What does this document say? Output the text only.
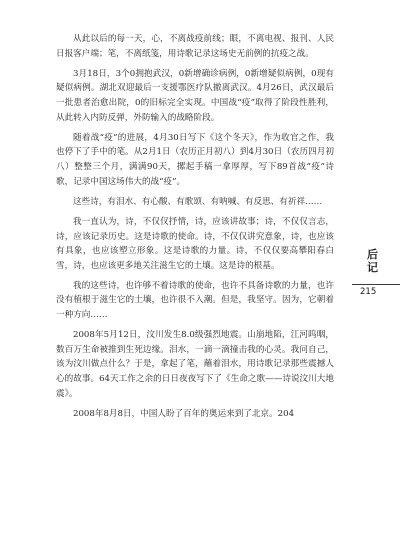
从此以后的每一天，心，不离战疫前线；眼，不离电视、报刊、人民日报客户端；笔，不离纸笺，用诗歌记录这场史无前例的抗疫之战。

3月18日，3个0拥抱武汉，0新增确诊病例，0新增疑似病例，0现有疑似病例。湖北双迎最后一支援鄂医疗队撤离武汉。4月26日，武汉最后一批患者治愈出院，0的旧标完全实现。中国战“疫”取得了阶段性胜利，从此转入内防反弹，外防输入的战略阶段。

随着战“疫”的进展，4月30日写下《这个冬天》，作为收官之作，我也停下了手中的笔。从2月1日（农历正月初八）到4月30日（农历四月初八）整整三个月，满满90天，摞起手稿一拿厚厚，写下89首战“疫”诗歌，记录中国这场伟大的战“疫”。

这些诗，有泪水、有心酸、有歌颂、有呐喊、有反思、有祈祥……

我一直认为，诗，不仅仅抒情，诗，应该讲故事；诗，不仅仅言志，诗，应该记录历史。这是诗歌的使命。诗，不仅仅讲究意象，诗，也应该有具象，也应该塑立形象。这是诗歌的力量。诗，不仅仅要高攀阳春白雪，诗，也应该更多地关注滋生它的土壤。这是诗的根基。

我的这些诗，也许够不着诗歌的使命，也许不具备诗歌的力量，也许没有植根于滋生它的土壤，也许很不入潮。但是，我坚守。因为，它朝着一种方向……

2008年5月12日，汶川发生8.0级强烈地震。山崩地陷，江河呜咽，数百万生命被推到生死边缘。泪水，一滴一滴撞击我的心灵。我问自己，该为汶川做点什么？于是，拿起了笔，蘸着泪水，用诗歌记录那些震撼人心的故事。64天工作之余的日日夜夜写下了《生命之歌——诗说汶川大地震》。

2008年8月8日，中国人盼了百年的奥运来到了北京。204

后记
215
